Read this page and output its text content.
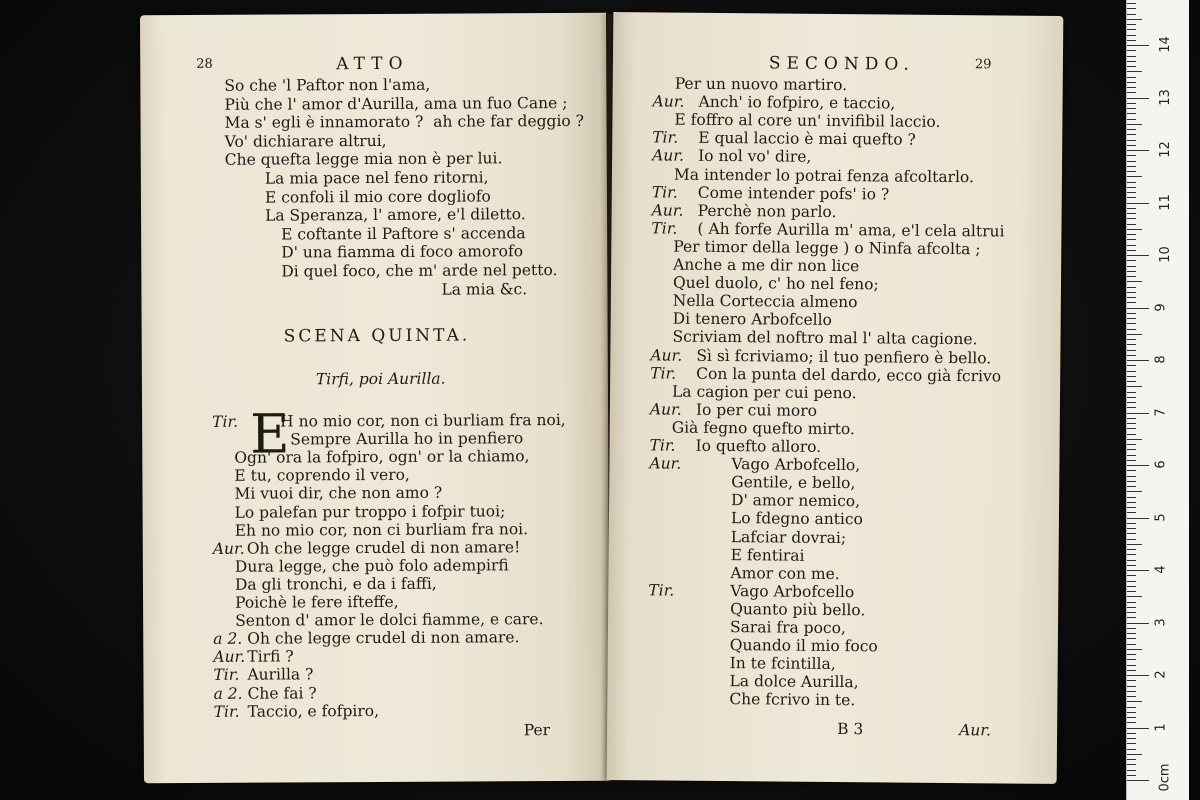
28	ATTO
So che 'l Paftor non l'ama,
Più che l' amor d'Aurilla, ama un fuo Cane ;
Ma s' egli è innamorato ?  ah che far deggio ?
Vo' dichiarare altrui,
Che quefta legge mia non è per lui.
La mia pace nel feno ritorni,
E confoli il mio core dogliofo
La Speranza, l' amore, e'l diletto.
E coftante il Paftore s' accenda
D' una fiamma di foco amorofo
Di quel foco, che m' arde nel petto.
La mia &c.
SCENA QUINTA.
Tirfi, poi Aurilla.
E
Tir.	H no mio cor, non ci burliam fra noi,
Sempre Aurilla ho in penfiero
Ogn' ora la fofpiro, ogn' or la chiamo,
E tu, coprendo il vero,
Mi vuoi dir, che non amo ?
Lo palefan pur troppo i fofpir tuoi;
Eh no mio cor, non ci burliam fra noi.
Aur. Oh che legge crudel di non amare!
Dura legge, che può folo adempirfi
Da gli tronchi, e da i faffi,
Poichè le fere ifteffe,
Senton d' amor le dolci fiamme, e care.
a 2. Oh che legge crudel di non amare.
Aur. Tirfi ?
Tir. Aurilla ?
a 2. Che fai ?
Tir. Taccio, e fofpiro,
Per
SECONDO.	29
Per un nuovo martiro.
Aur. Anch' io fofpiro, e taccio,
E foffro al core un' invifibil laccio.
Tir. E qual laccio è mai quefto ?
Aur. Io nol vo' dire,
Ma intender lo potrai fenza afcoltarlo.
Tir. Come intender pofs' io ?
Aur. Perchè non parlo.
Tir. ( Ah forfe Aurilla m' ama, e'l cela altrui
Per timor della legge ) o Ninfa afcolta ;
Anche a me dir non lice
Quel duolo, c' ho nel feno;
Nella Corteccia almeno
Di tenero Arbofcello
Scriviam del noftro mal l' alta cagione.
Aur. Sì sì fcriviamo; il tuo penfiero è bello.
Tir. Con la punta del dardo, ecco già fcrivo
La cagion per cui peno.
Aur. Io per cui moro
Già fegno quefto mirto.
Tir. Io quefto alloro.
Aur.	Vago Arbofcello,
Gentile, e bello,
D' amor nemico,
Lo fdegno antico
Lafciar dovrai;
E fentirai
Amor con me.
Tir.	Vago Arbofcello
Quanto più bello.
Sarai fra poco,
Quando il mio foco
In te fcintilla,
La dolce Aurilla,
Che fcrivo in te.
B 3	Aur.	1
2
3
4
5
6
7
8
9
10
11
12
13
14
0cm
